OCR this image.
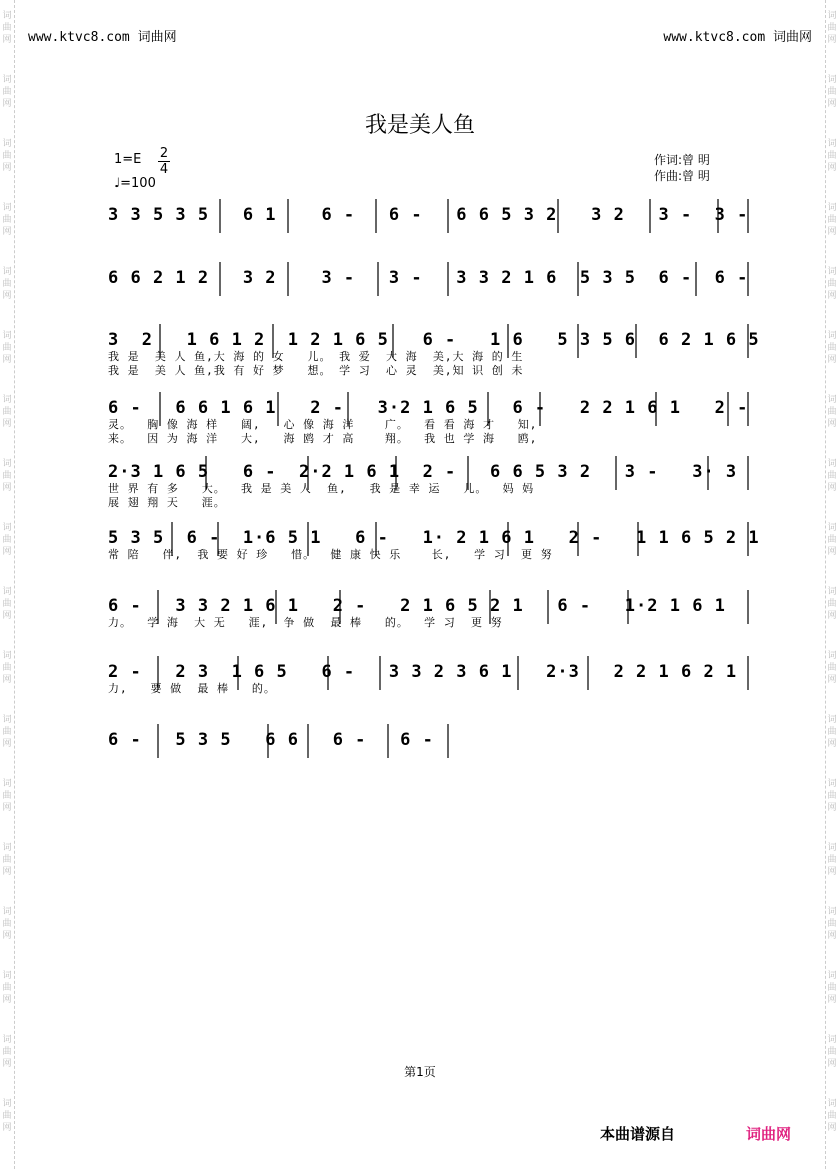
词
曲
网
词
曲
网
词
曲
网
词
曲
网
词
曲
网
词
曲
网
词
曲
网
词
曲
网
词
曲
网
词
曲
网
词
曲
网
词
曲
网
词
曲
网
词
曲
网
词
曲
网
词
曲
网
词
曲
网
词
曲
网
词
曲
网
词
曲
网
词
曲
网
词
曲
网
词
曲
网
词
曲
网
词
曲
网
词
曲
网
词
曲
网
词
曲
网
词
曲
网
词
曲
网
词
曲
网
词
曲
网
词
曲
网
词
曲
网
词
曲
网
词
曲
网
www.ktvc8.com 词曲网	www.ktvc8.com 词曲网
我是美人鱼
1=E 2
4
♩=100
作词:曾 明
作曲:曾 明
3 3 5 3 5   6 1    6 -   6 -   6 6 5 3 2   3 2   3 -  3 -
6 6 2 1 2   3 2    3 -   3 -   3 3 2 1 6  5 3 5  6 -  6 -
3  2   1 6 1 2  1 2 1 6 5   6 -   1 6   5 3 5 6  6 2 1 6 5
我 是  美 人 鱼,大 海 的 女   儿。 我 爱  大 海  美,大 海 的 生
我 是  美 人 鱼,我 有 好 梦   想。 学 习  心 灵  美,知 识 创 未
6 -   6 6 1 6 1   2 -   3·2 1 6 5   6 -   2 2 1 6 1   2 -
灵。  胸 像 海 样   阔,   心 像 海 洋    广。  看 看 海 才   知,
来。  因 为 海 洋   大,   海 鸥 才 高    翔。  我 也 学 海   鸥,
2·3 1 6 5   6 -  2·2 1 6 1  2 -   6 6 5 3 2   3 -   3· 3
世 界 有 多   大。  我 是 美 人  鱼,   我 是 幸 运   儿。  妈 妈
展 翅 翔 天   涯。
5 3 5  6 -  1·6 5 1   6 -   1· 2 1 6 1   2 -   1 1 6 5 2 1
常 陪   伴,  我 要 好 珍   惜。  健 康 快 乐    长,   学 习  更 努
6 -   3 3 2 1 6 1   2 -   2 1 6 5 2 1   6 -   1·2 1 6 1
力。  学 海  大 无   涯,  争 做  最 棒   的。  学 习  更 努
2 -   2 3  1 6 5   6 -   3 3 2 3 6 1   2·3   2 2 1 6 2 1
力,   要 做  最 棒   的。
6 -   5 3 5   6 6   6 -   6 -
第1页
本曲谱源自	词曲网
